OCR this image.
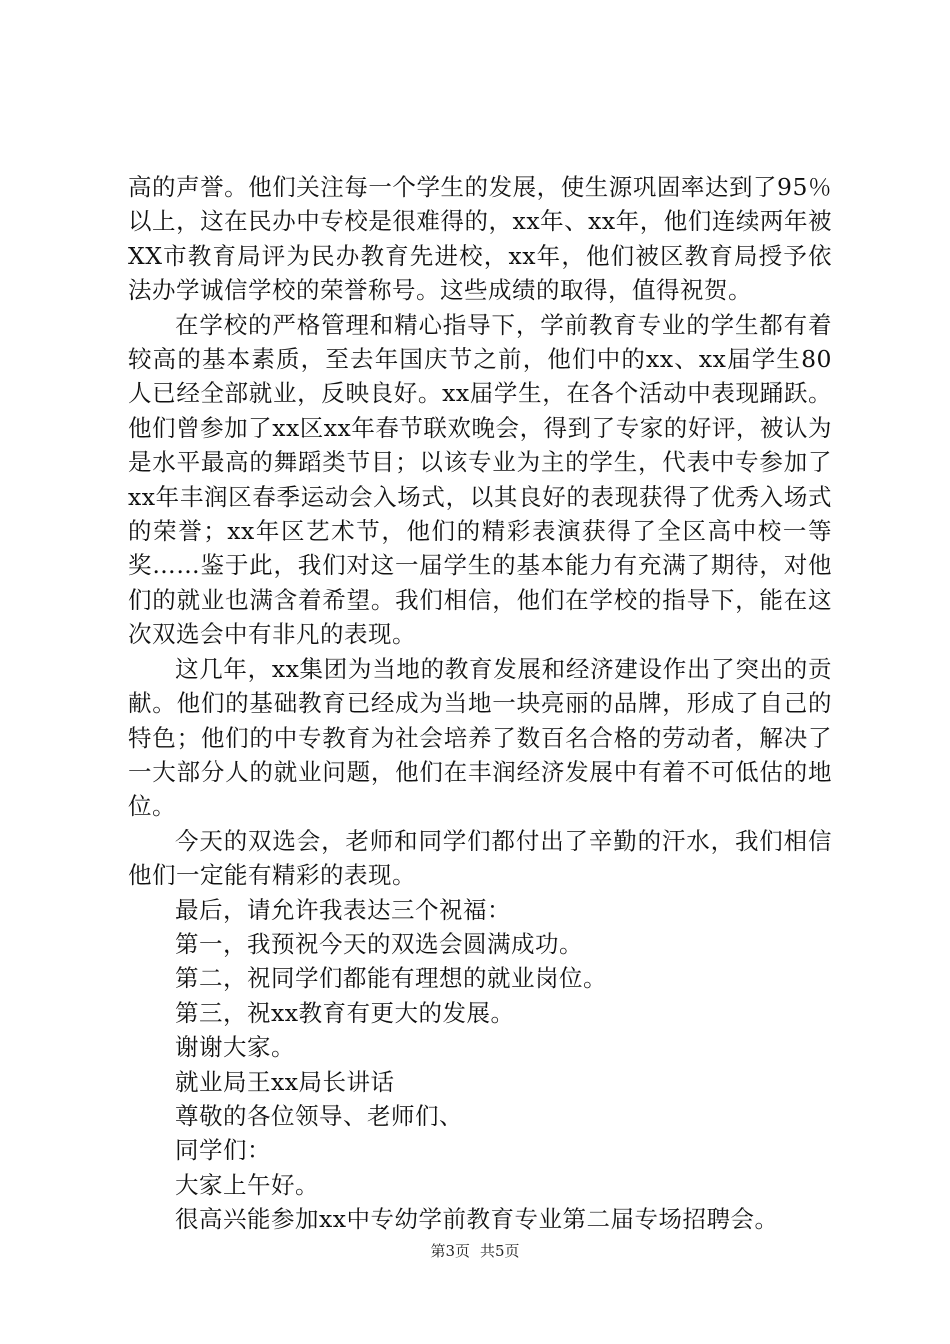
高的声誉。他们关注每一个学生的发展，使生源巩固率达到了95％以上，这在民办中专校是很难得的，xx年、xx年，他们连续两年被XX市教育局评为民办教育先进校，xx年，他们被区教育局授予依法办学诚信学校的荣誉称号。这些成绩的取得，值得祝贺。

在学校的严格管理和精心指导下，学前教育专业的学生都有着较高的基本素质，至去年国庆节之前，他们中的xx、xx届学生80人已经全部就业，反映良好。xx届学生，在各个活动中表现踊跃。他们曾参加了xx区xx年春节联欢晚会，得到了专家的好评，被认为是水平最高的舞蹈类节目；以该专业为主的学生，代表中专参加了xx年丰润区春季运动会入场式，以其良好的表现获得了优秀入场式的荣誉；xx年区艺术节，他们的精彩表演获得了全区高中校一等奖……鉴于此，我们对这一届学生的基本能力有充满了期待，对他们的就业也满含着希望。我们相信，他们在学校的指导下，能在这次双选会中有非凡的表现。

这几年，xx集团为当地的教育发展和经济建设作出了突出的贡献。他们的基础教育已经成为当地一块亮丽的品牌，形成了自己的特色；他们的中专教育为社会培养了数百名合格的劳动者，解决了一大部分人的就业问题，他们在丰润经济发展中有着不可低估的地位。

今天的双选会，老师和同学们都付出了辛勤的汗水，我们相信他们一定能有精彩的表现。

最后，请允许我表达三个祝福：

第一，我预祝今天的双选会圆满成功。

第二，祝同学们都能有理想的就业岗位。

第三，祝xx教育有更大的发展。

谢谢大家。

就业局王xx局长讲话

尊敬的各位领导、老师们、

同学们：

大家上午好。

很高兴能参加xx中专幼学前教育专业第二届专场招聘会。

第3页 共5页
